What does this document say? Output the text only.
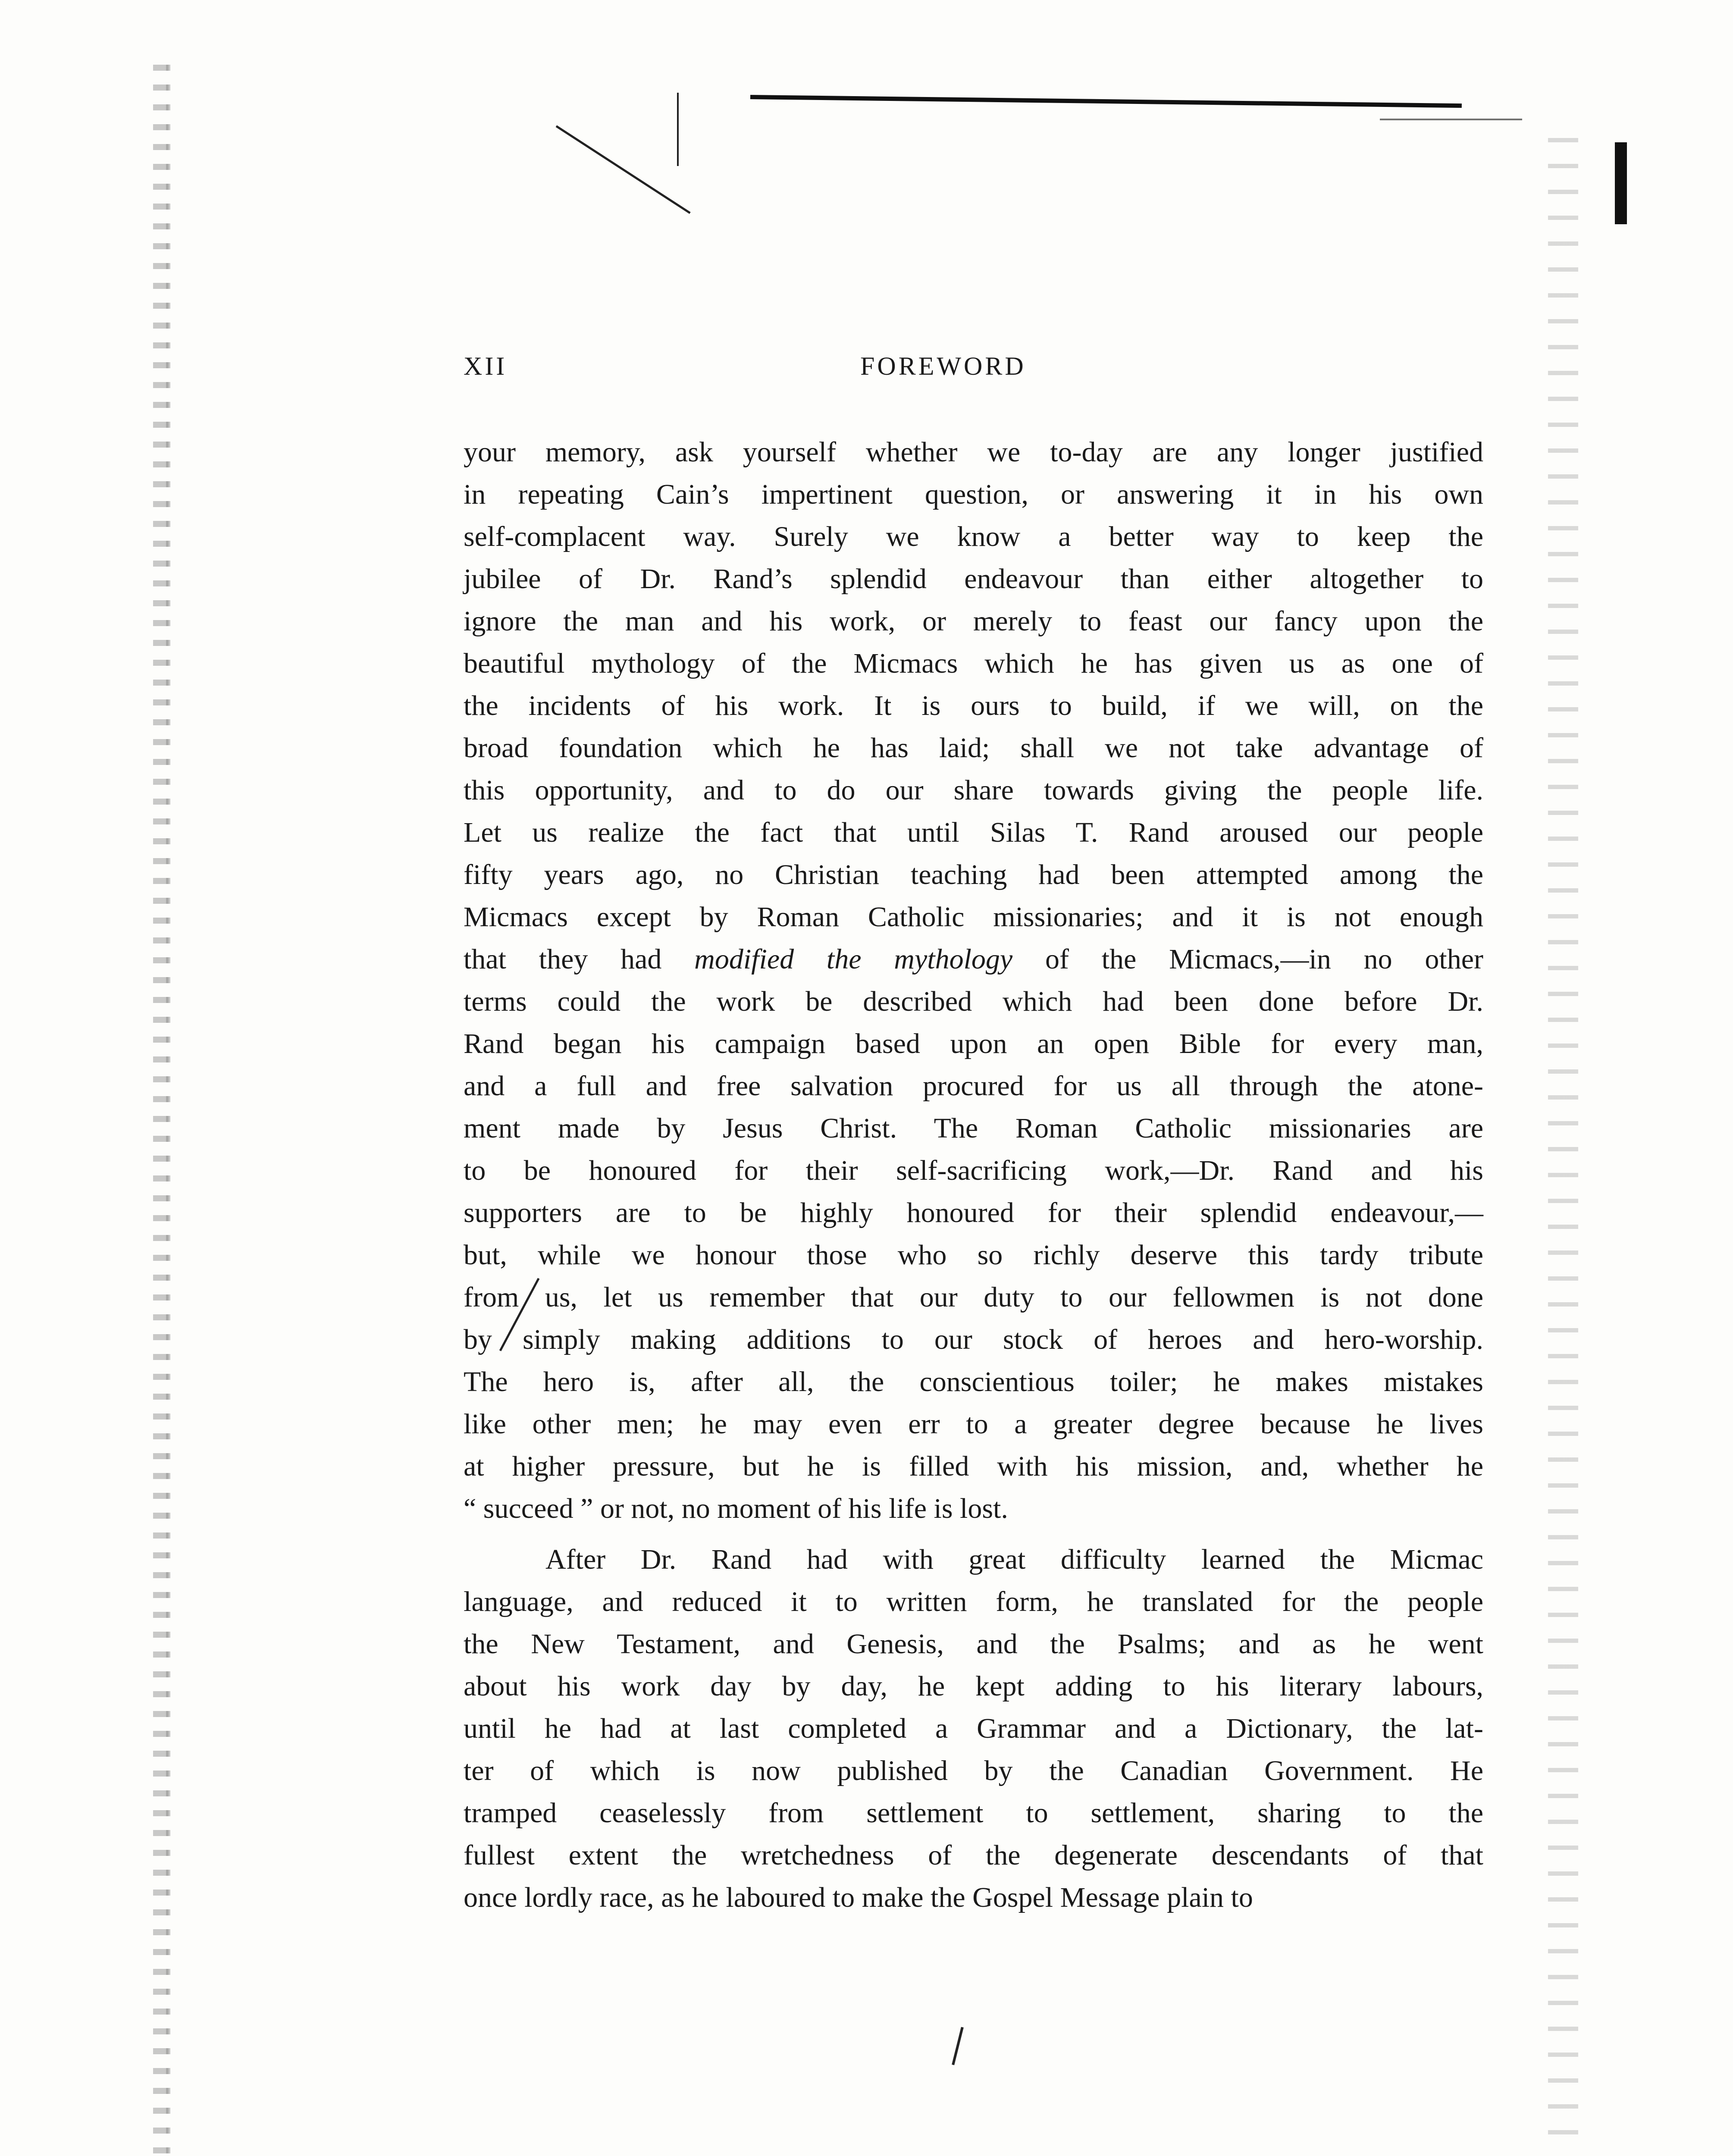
XII	FOREWORD
your memory, ask yourself whether we to-day are any longer justified
in repeating Cain’s impertinent question, or answering it in his own
self-complacent way. Surely we know a better way to keep the
jubilee of Dr. Rand’s splendid endeavour than either altogether to
ignore the man and his work, or merely to feast our fancy upon the
beautiful mythology of the Micmacs which he has given us as one of
the incidents of his work. It is ours to build, if we will, on the
broad foundation which he has laid; shall we not take advantage of
this opportunity, and to do our share towards giving the people life.
Let us realize the fact that until Silas T. Rand aroused our people
fifty years ago, no Christian teaching had been attempted among the
Micmacs except by Roman Catholic missionaries; and it is not enough
that they had modified the mythology of the Micmacs,—in no other
terms could the work be described which had been done before Dr.
Rand began his campaign based upon an open Bible for every man,
and a full and free salvation procured for us all through the atone-
ment made by Jesus Christ. The Roman Catholic missionaries are
to be honoured for their self-sacrificing work,—Dr. Rand and his
supporters are to be highly honoured for their splendid endeavour,—
but, while we honour those who so richly deserve this tardy tribute
from us, let us remember that our duty to our fellowmen is not done
by simply making additions to our stock of heroes and hero-worship.
The hero is, after all, the conscientious toiler; he makes mistakes
like other men; he may even err to a greater degree because he lives
at higher pressure, but he is filled with his mission, and, whether he
“ succeed ” or not, no moment of his life is lost.
After Dr. Rand had with great difficulty learned the Micmac
language, and reduced it to written form, he translated for the people
the New Testament, and Genesis, and the Psalms; and as he went
about his work day by day, he kept adding to his literary labours,
until he had at last completed a Grammar and a Dictionary, the lat-
ter of which is now published by the Canadian Government. He
tramped ceaselessly from settlement to settlement, sharing to the
fullest extent the wretchedness of the degenerate descendants of that
once lordly race, as he laboured to make the Gospel Message plain to
